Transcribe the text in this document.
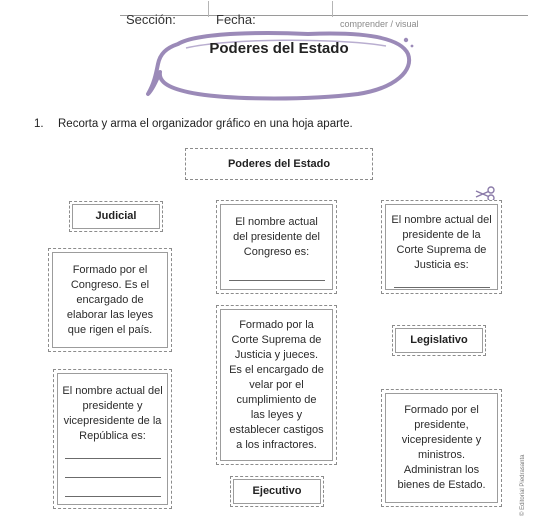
Sección:	Fecha:	comprender / visual
Poderes del Estado
1. Recorta y arma el organizador gráfico en una hoja aparte.
Poderes del Estado
Judicial	El nombre actual del presidente del Congreso es:
El nombre actual del presidente de la Corte Suprema de Justicia es:
Formado por el Congreso. Es el encargado de elaborar las leyes que rigen el país.	Formado por la Corte Suprema de Justicia y jueces. Es el encargado de velar por el cumplimiento de las leyes y establecer castigos a los infractores.
Legislativo
El nombre actual del presidente y vicepresidente de la República es:
Formado por el presidente, vicepresidente y ministros. Administran los bienes de Estado.
Ejecutivo	© Editorial Piedrasanta
